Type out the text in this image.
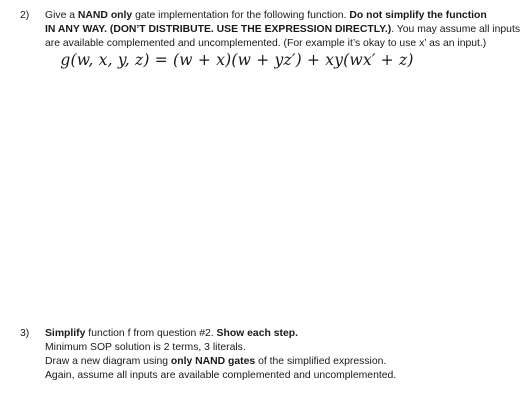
2)	Give a NAND only gate implementation for the following function. Do not simplify the function
IN ANY WAY. (DON’T DISTRIBUTE. USE THE EXPRESSION DIRECTLY.). You may assume all inputs
are available complemented and uncomplemented. (For example it’s okay to use x’ as an input.)
g(w, x, y, z) = (w + x)(w + yz′) + xy(wx′ + z)
3)	Simplify function f from question #2. Show each step.
Minimum SOP solution is 2 terms, 3 literals.
Draw a new diagram using only NAND gates of the simplified expression.
Again, assume all inputs are available complemented and uncomplemented.
